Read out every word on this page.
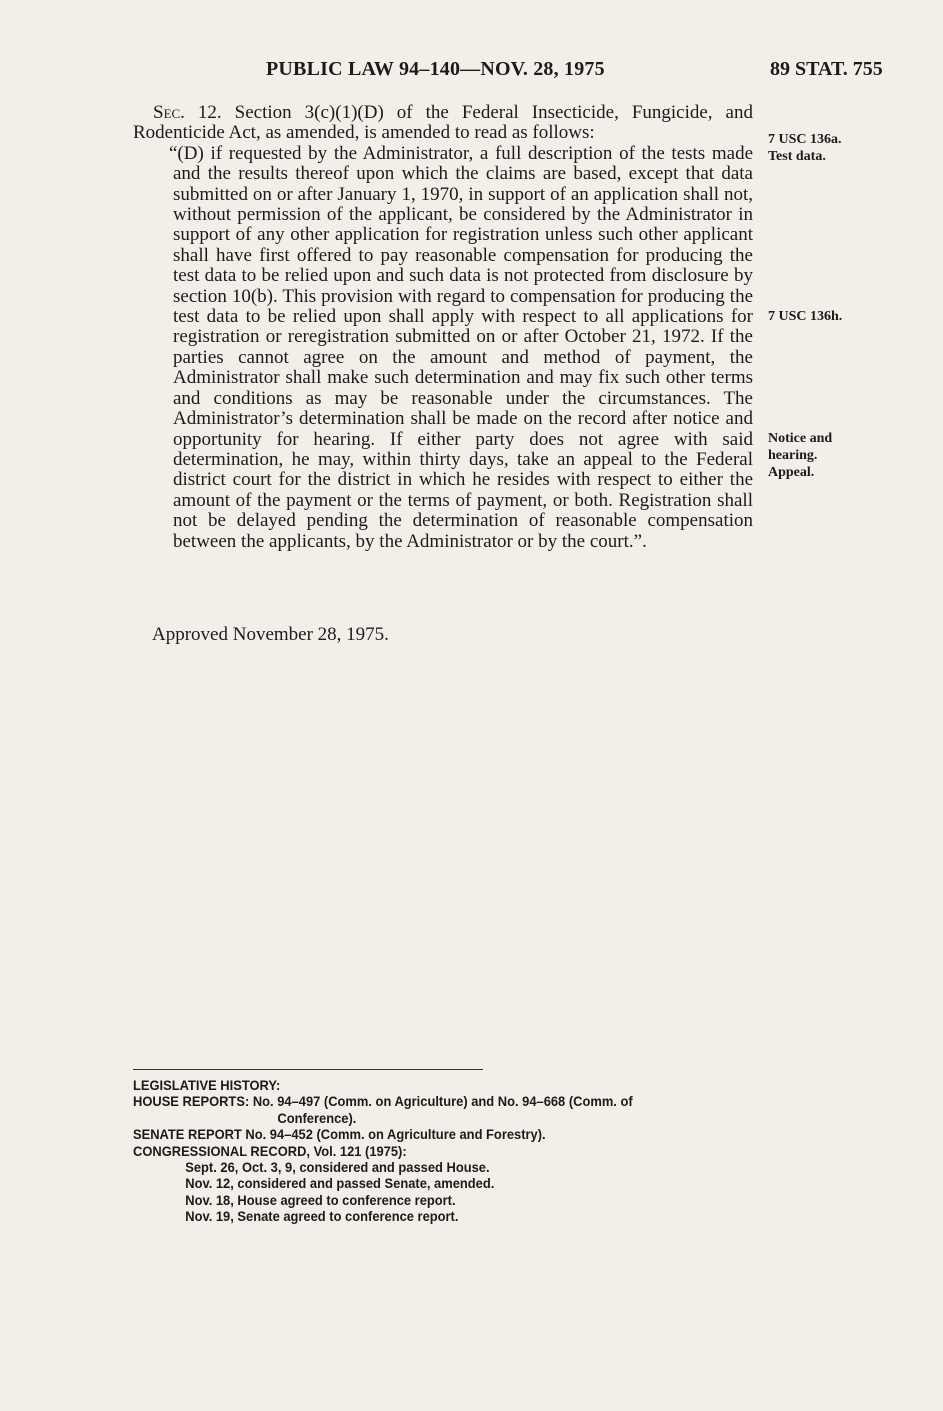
PUBLIC LAW 94–140—NOV. 28, 1975	89 STAT. 755

Sec. 12. Section 3(c)(1)(D) of the Federal Insecticide, Fungicide, and Rodenticide Act, as amended, is amended to read as follows:

“(D) if requested by the Administrator, a full description of the tests made and the results thereof upon which the claims are based, except that data submitted on or after January 1, 1970, in support of an application shall not, without permission of the applicant, be considered by the Administrator in support of any other application for registration unless such other applicant shall have first offered to pay reasonable compensation for producing the test data to be relied upon and such data is not protected from disclosure by section 10(b). This provision with regard to compensation for producing the test data to be relied upon shall apply with respect to all applications for registration or reregistration submitted on or after October 21, 1972. If the parties cannot agree on the amount and method of payment, the Administrator shall make such determination and may fix such other terms and conditions as may be reasonable under the circumstances. The Administrator’s determination shall be made on the record after notice and opportunity for hearing. If either party does not agree with said determination, he may, within thirty days, take an appeal to the Federal district court for the district in which he resides with respect to either the amount of the payment or the terms of payment, or both. Registration shall not be delayed pending the determination of reasonable compensation between the applicants, by the Administrator or by the court.”.

7 USC 136a.
Test data.
7 USC 136h.
Notice and
hearing.
Appeal.
Approved November 28, 1975.
LEGISLATIVE HISTORY:
HOUSE REPORTS: No. 94–497 (Comm. on Agriculture) and No. 94–668 (Comm. of
Conference).
SENATE REPORT No. 94–452 (Comm. on Agriculture and Forestry).
CONGRESSIONAL RECORD, Vol. 121 (1975):
Sept. 26, Oct. 3, 9, considered and passed House.
Nov. 12, considered and passed Senate, amended.
Nov. 18, House agreed to conference report.
Nov. 19, Senate agreed to conference report.
